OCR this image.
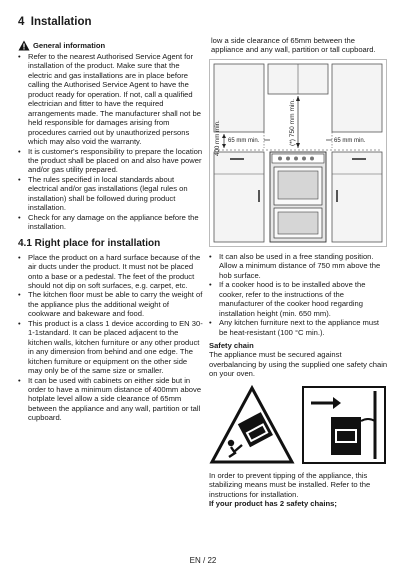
4 Installation
General information
• Refer to the nearest Authorised Service Agent for installation of the product. Make sure that the electric and gas installations are in place before calling the Authorised Service Agent to have the product ready for operation. If not, call a qualified electrician and fitter to have the required arrangements made. The manufacturer shall not be held responsible for damages arising from procedures carried out by unauthorized persons which may also void the warranty.
• It is customer's responsibility to prepare the location the product shall be placed on and also have power and/or gas utility prepared.
• The rules specified in local standards about electrical and/or gas installations (legal rules on installation) shall be followed during product installation.
• Check for any damage on the appliance before the installation.
4.1 Right place for installation
• Place the product on a hard surface because of the air ducts under the product. It must not be placed onto a base or a pedestal. The feet of the product should not dip on soft surfaces, e.g. carpet, etc.
• The kitchen floor must be able to carry the weight of the appliance plus the additional weight of cookware and bakeware and food.
• This product is a class 1 device according to EN 30-1-1standard. It can be placed adjacent to the kitchen walls, kitchen furniture or any other product in any dimension from behind and one edge. The kitchen furniture or equipment on the other side may only be of the same size or smaller.
• It can be used with cabinets on either side but in order to have a minimum distance of 400mm above hotplate level allow a side clearance of 65mm between the appliance and any wall, partition or tall cupboard.

low a side clearance of 65mm between the appliance and any wall, partition or tall cupboard.

400 mm min.	(*) 750 mm min.
65 mm min.	65 mm min.
• It can also be used in a free standing position. Allow a minimum distance of 750 mm above the hob surface.
• If a cooker hood is to be installed above the cooker, refer to the instructions of the manufacturer of the cooker hood regarding installation height (min. 650 mm).
• Any kitchen furniture next to the appliance must be heat-resistant (100 °C min.).

Safety chain

The appliance must be secured against overbalancing by using the supplied one safety chain on your oven.

In order to prevent tipping of the appliance, this stabilizing means must be installed. Refer to the instructions for installation.

If your product has 2 safety chains;

EN / 22
